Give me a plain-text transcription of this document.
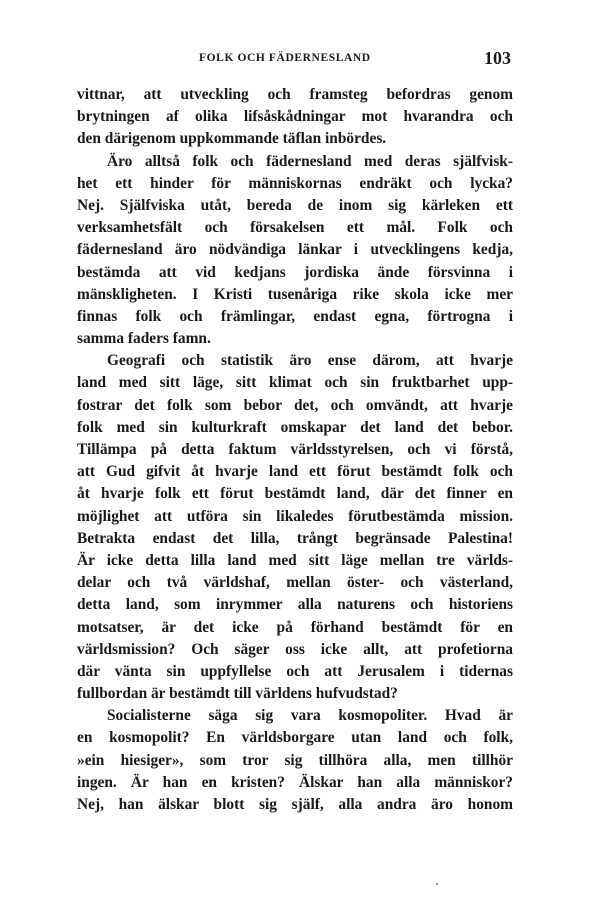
FOLK OCH FÄDERNESLAND	103
vittnar, att utveckling och framsteg befordras genom
brytningen af olika lifsåskådningar mot hvarandra och
den därigenom uppkommande täflan inbördes.
Äro alltså folk och fädernesland med deras själfvisk-
het ett hinder för människornas endräkt och lycka?
Nej. Själfviska utåt, bereda de inom sig kärleken ett
verksamhetsfält och försakelsen ett mål. Folk och
fädernesland äro nödvändiga länkar i utvecklingens kedja,
bestämda att vid kedjans jordiska ände försvinna i
mänskligheten. I Kristi tusenåriga rike skola icke mer
finnas folk och främlingar, endast egna, förtrogna i
samma faders famn.
Geografi och statistik äro ense därom, att hvarje
land med sitt läge, sitt klimat och sin fruktbarhet upp-
fostrar det folk som bebor det, och omvändt, att hvarje
folk med sin kulturkraft omskapar det land det bebor.
Tillämpa på detta faktum världsstyrelsen, och vi förstå,
att Gud gifvit åt hvarje land ett förut bestämdt folk och
åt hvarje folk ett förut bestämdt land, där det finner en
möjlighet att utföra sin likaledes förutbestämda mission.
Betrakta endast det lilla, trångt begränsade Palestina!
Är icke detta lilla land med sitt läge mellan tre världs-
delar och två världshaf, mellan öster- och västerland,
detta land, som inrymmer alla naturens och historiens
motsatser, är det icke på förhand bestämdt för en
världsmission? Och säger oss icke allt, att profetiorna
där vänta sin uppfyllelse och att Jerusalem i tidernas
fullbordan är bestämdt till världens hufvudstad?
Socialisterne säga sig vara kosmopoliter. Hvad är
en kosmopolit? En världsborgare utan land och folk,
»ein hiesiger», som tror sig tillhöra alla, men tillhör
ingen. Är han en kristen? Älskar han alla människor?
Nej, han älskar blott sig själf, alla andra äro honom
